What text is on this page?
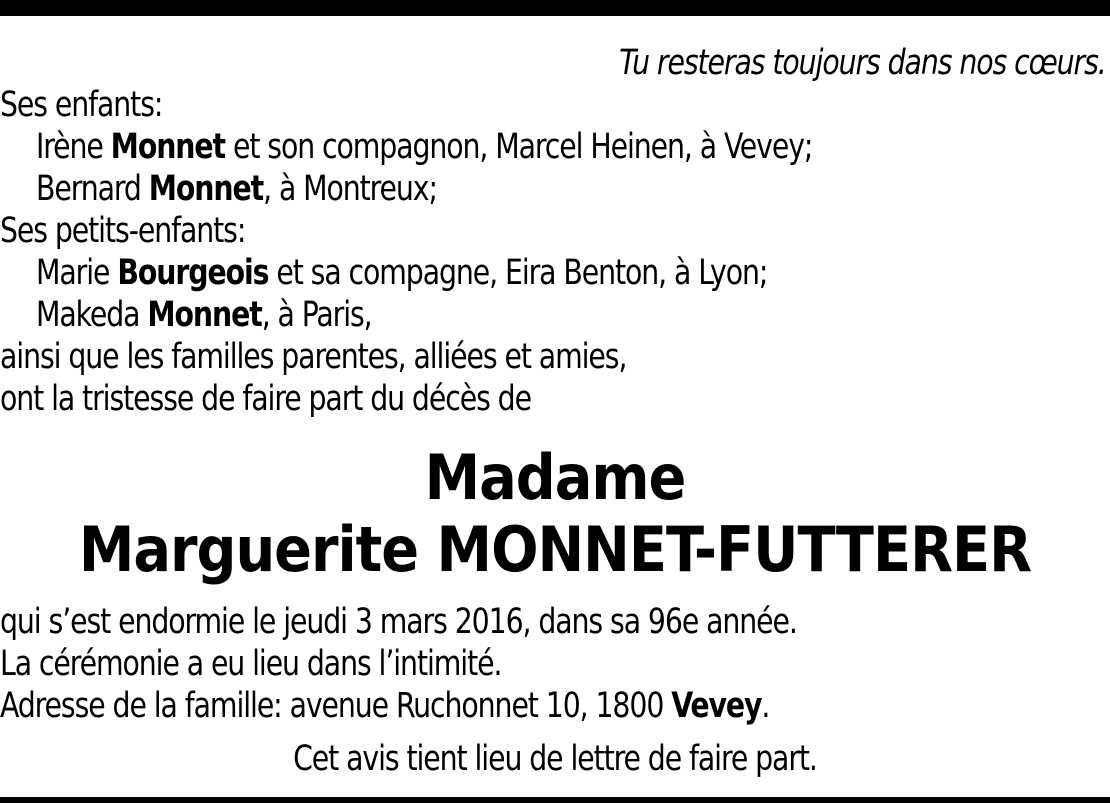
Tu resteras toujours dans nos cœurs.
Ses enfants:
Irène Monnet et son compagnon, Marcel Heinen, à Vevey;
Bernard Monnet, à Montreux;
Ses petits-enfants:
Marie Bourgeois et sa compagne, Eira Benton, à Lyon;
Makeda Monnet, à Paris,
ainsi que les familles parentes, alliées et amies,
ont la tristesse de faire part du décès de
Madame
Marguerite MONNET-FUTTERER
qui s’est endormie le jeudi 3 mars 2016, dans sa 96e année.
La cérémonie a eu lieu dans l’intimité.
Adresse de la famille: avenue Ruchonnet 10, 1800 Vevey.
Cet avis tient lieu de lettre de faire part.
